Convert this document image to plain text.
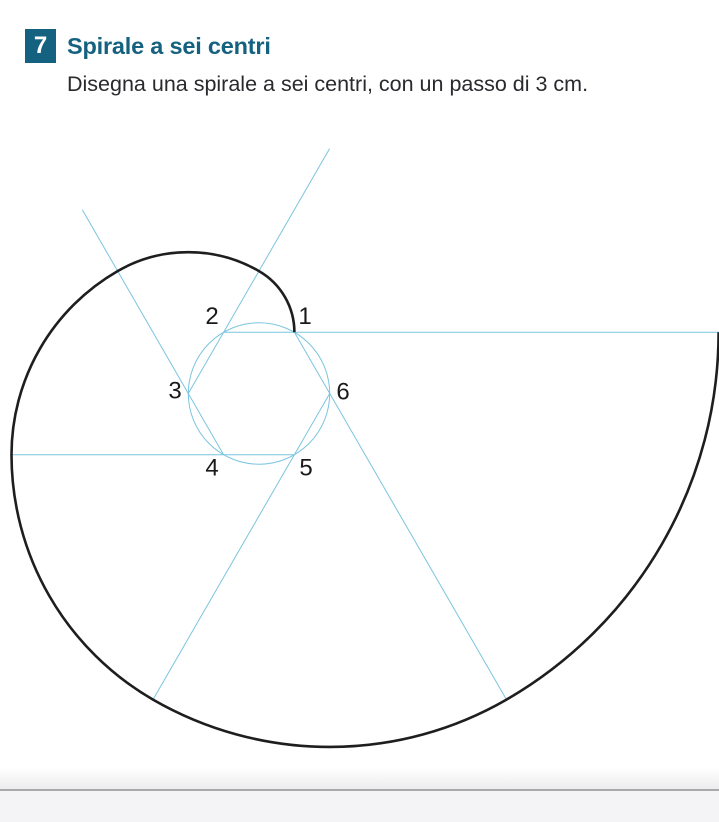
7 Spirale a sei centri
Disegna una spirale a sei centri, con un passo di 3 cm.
1
2
3
4	5
6
